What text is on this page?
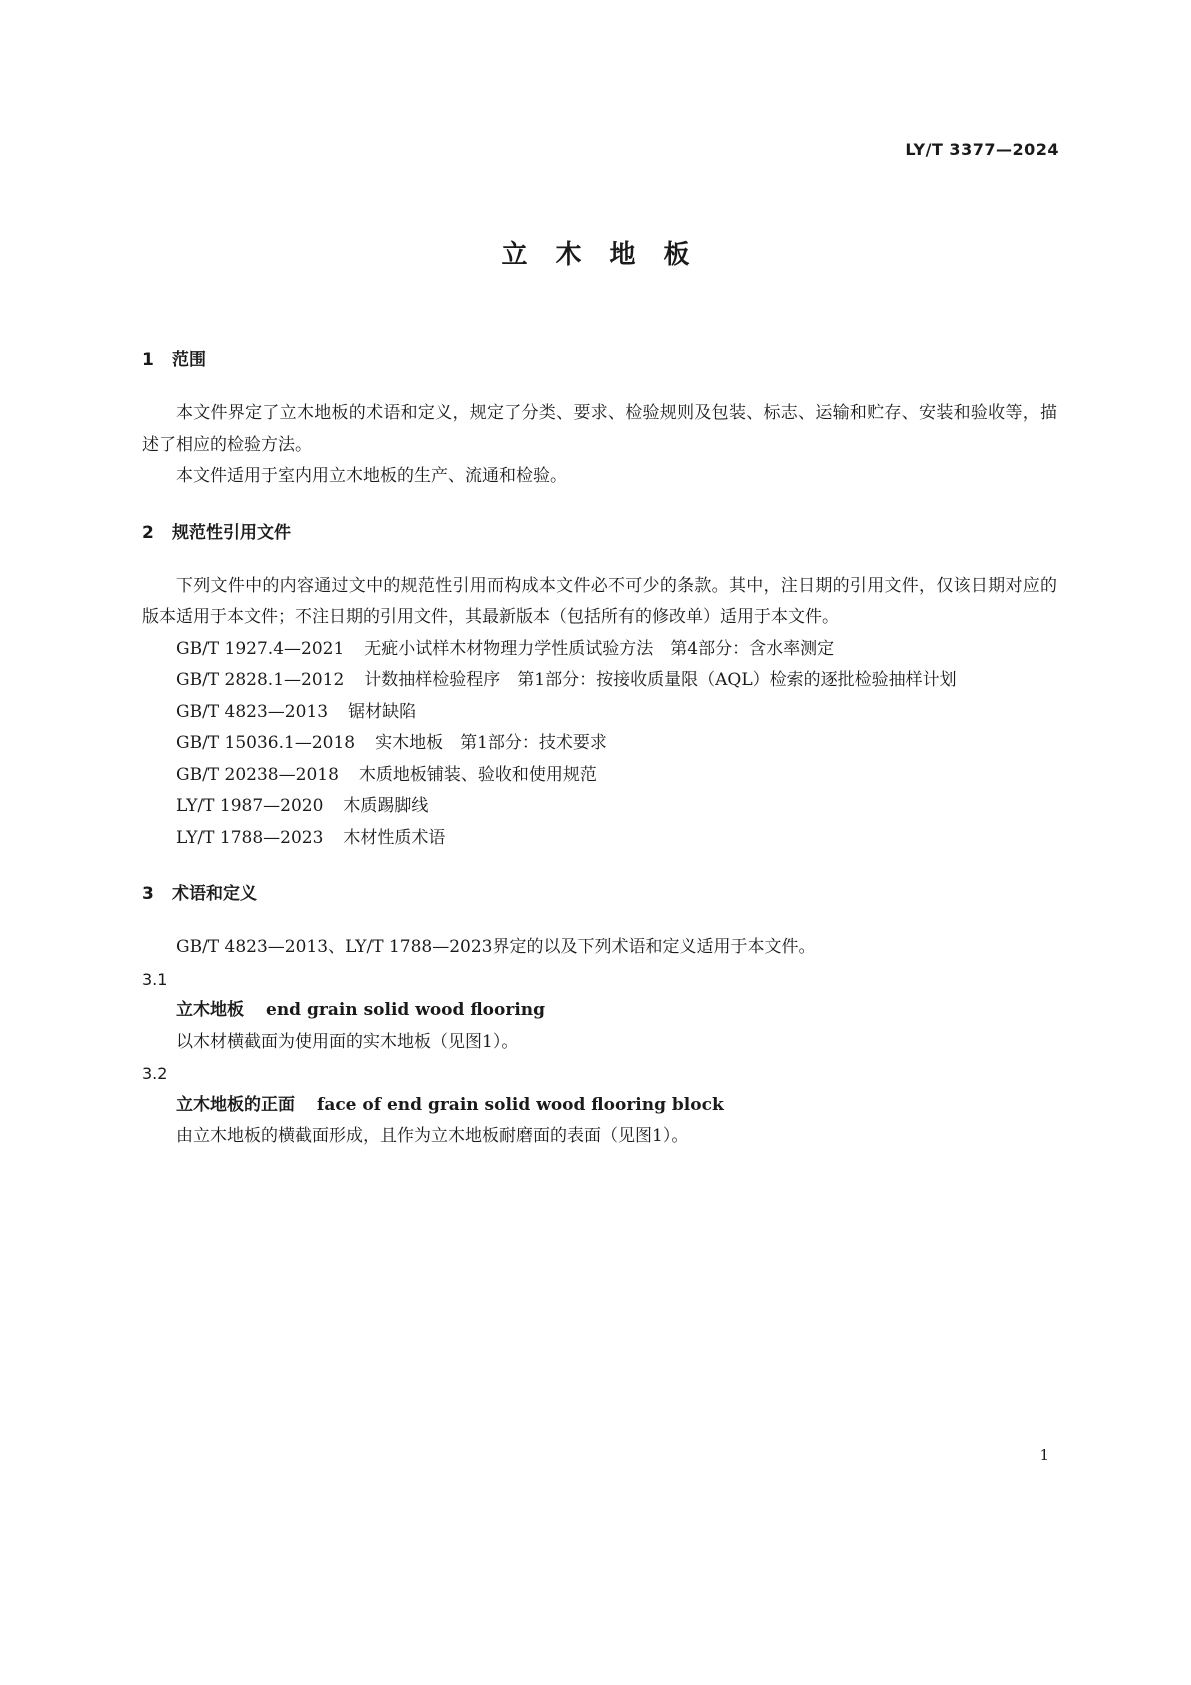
LY/T 3377—2024
立木地板
1 范围

本文件界定了立木地板的术语和定义，规定了分类、要求、检验规则及包装、标志、运输和贮存、安装和验收等，描述了相应的检验方法。

本文件适用于室内用立木地板的生产、流通和检验。

2 规范性引用文件

下列文件中的内容通过文中的规范性引用而构成本文件必不可少的条款。其中，注日期的引用文件，仅该日期对应的版本适用于本文件；不注日期的引用文件，其最新版本（包括所有的修改单）适用于本文件。

GB/T 1927.4—2021 无疵小试样木材物理力学性质试验方法　第4部分：含水率测定
GB/T 2828.1—2012 计数抽样检验程序　第1部分：按接收质量限（AQL）检索的逐批检验抽样计划
GB/T 4823—2013 锯材缺陷
GB/T 15036.1—2018 实木地板　第1部分：技术要求
GB/T 20238—2018 木质地板铺装、验收和使用规范
LY/T 1987—2020 木质踢脚线
LY/T 1788—2023 木材性质术语
3 术语和定义

GB/T 4823—2013、LY/T 1788—2023界定的以及下列术语和定义适用于本文件。

3.1

立木地板 end grain solid wood flooring

以木材横截面为使用面的实木地板（见图1）。

3.2

立木地板的正面 face of end grain solid wood flooring block

由立木地板的横截面形成，且作为立木地板耐磨面的表面（见图1）。

1
